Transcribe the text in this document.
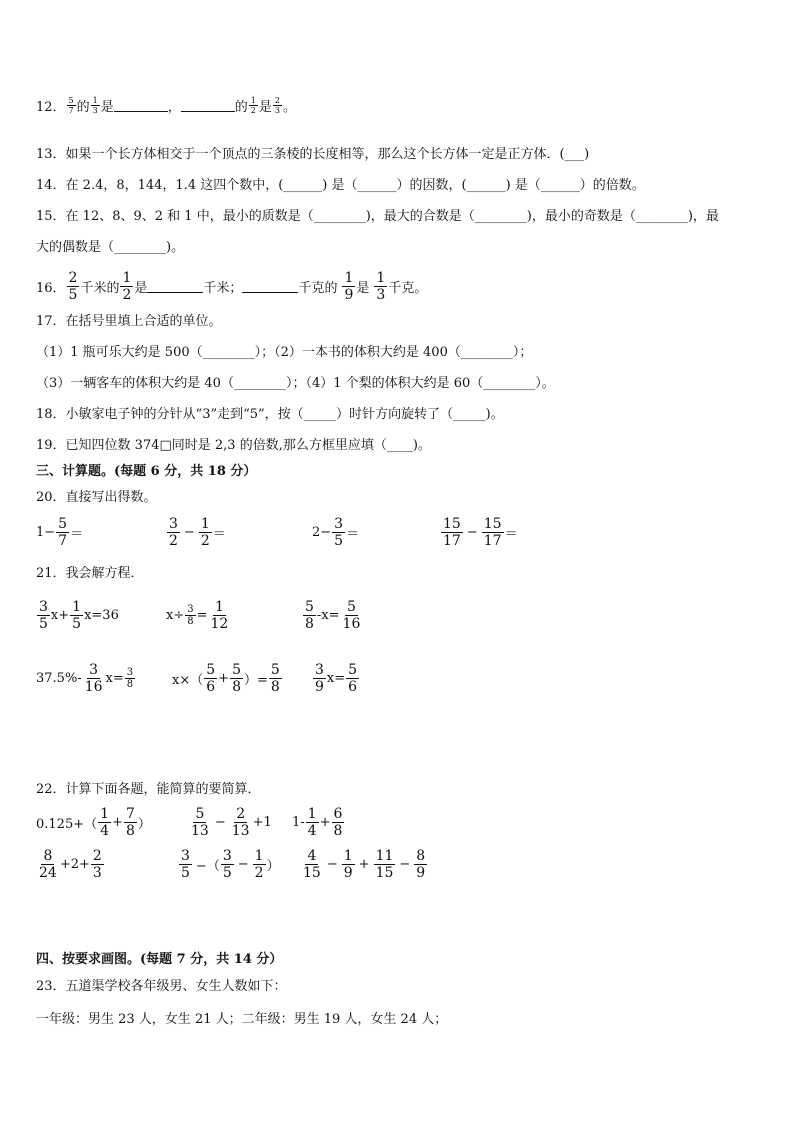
12． $\frac{5}{7}$ 的 $\frac{1}{3}$ 是	，	的 $\frac{1}{2}$ 是 $\frac{2}{3}$ 。
13．如果一个长方体相交于一个顶点的三条棱的长度相等，那么这个长方体一定是正方体．(___)
14．在 2.4，8，144，1.4 这四个数中，(______) 是（______）的因数，(______) 是（______）的倍数。
15．在 12、8、9、2 和 1 中，最小的质数是（________)，最大的合数是（________)，最小的奇数是（________)，最
大的偶数是（________)。
16． $\frac{2}{5}$ 千米的 $\frac{1}{2}$ 是	千米；	千克的 $\frac{1}{9}$ 是 $\frac{1}{3}$ 千克。
17．在括号里填上合适的单位。
（1）1 瓶可乐大约是 500（________）；（2）一本书的体积大约是 400（________）；
（3）一辆客车的体积大约是 40（________）；（4）1 个梨的体积大约是 60（________）。
18．小敏家电子钟的分针从“3”走到“5”，按（_____）时针方向旋转了（_____)。
19．已知四位数 374□同时是 2,3 的倍数,那么方框里应填（____)。
三、计算题。(每题 6 分，共 18 分）
20．直接写出得数。
$1- \frac{5}{7}$ ＝	$\frac{3}{2} - \frac{1}{2}$ ＝	$2- \frac{3}{5}$ ＝	$\frac{15}{17} - \frac{15}{17}$ ＝
21．我会解方程．
$\frac{3}{5} x+ \frac{1}{5} x=36$	$x\div \frac{3}{8} = \frac{1}{12}$	$\frac{5}{8} -x= \frac{5}{16}$
$37.5\%- \frac{3}{16} x= \frac{3}{8}$	$x\times( \frac{5}{6} + \frac{5}{8}$ ）= $\frac{5}{8} \frac{3}{9} x= \frac{5}{6}$
22．计算下面各题，能简算的要简算．
$0.125+( \frac{1}{4} + \frac{7}{8}$ ）	$\frac{5}{13} - \frac{2}{13} +1$ $1- \frac{1}{4} + \frac{6}{8}$
$\frac{8}{24} +2+ \frac{2}{3}$	$\frac{3}{5}$ −（ $\frac{3}{5} - \frac{1}{2}$ ） $\frac{4}{15} - \frac{1}{9} + \frac{11}{15} - \frac{8}{9}$
四、按要求画图。(每题 7 分，共 14 分）
23．五道渠学校各年级男、女生人数如下：
一年级：男生 23 人，女生 21 人；二年级：男生 19 人，女生 24 人；
